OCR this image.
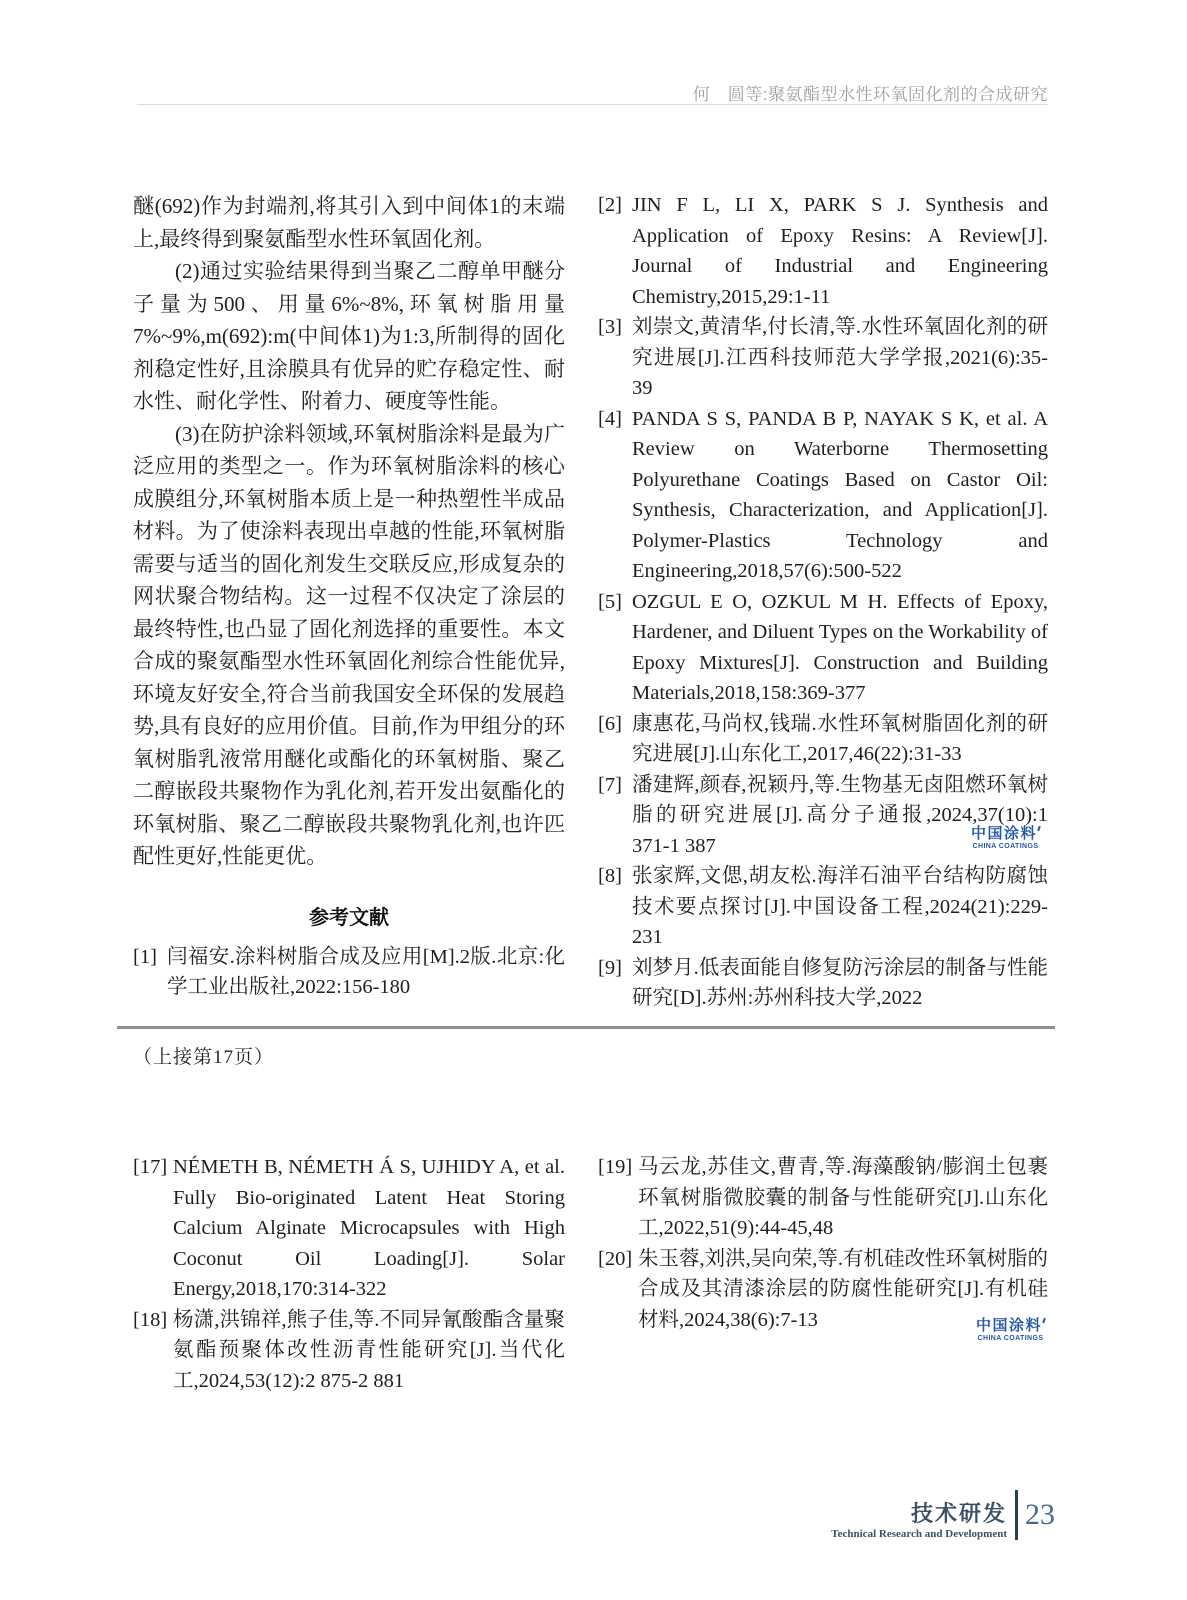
何　圆等:聚氨酯型水性环氧固化剂的合成研究

醚(692)作为封端剂,将其引入到中间体1的末端上,最终得到聚氨酯型水性环氧固化剂。

(2)通过实验结果得到当聚乙二醇单甲醚分子量为500、用量6%~8%,环氧树脂用量7%~9%,m(692):m(中间体1)为1:3,所制得的固化剂稳定性好,且涂膜具有优异的贮存稳定性、耐水性、耐化学性、附着力、硬度等性能。

(3)在防护涂料领域,环氧树脂涂料是最为广泛应用的类型之一。作为环氧树脂涂料的核心成膜组分,环氧树脂本质上是一种热塑性半成品材料。为了使涂料表现出卓越的性能,环氧树脂需要与适当的固化剂发生交联反应,形成复杂的网状聚合物结构。这一过程不仅决定了涂层的最终特性,也凸显了固化剂选择的重要性。本文合成的聚氨酯型水性环氧固化剂综合性能优异,环境友好安全,符合当前我国安全环保的发展趋势,具有良好的应用价值。目前,作为甲组分的环氧树脂乳液常用醚化或酯化的环氧树脂、聚乙二醇嵌段共聚物作为乳化剂,若开发出氨酯化的环氧树脂、聚乙二醇嵌段共聚物乳化剂,也许匹配性更好,性能更优。

参考文献
[1] 闫福安.涂料树脂合成及应用[M].2版.北京:化学工业出版社,2022:156-180
[2] JIN F L, LI X, PARK S J. Synthesis and Application of Epoxy Resins: A Review[J]. Journal of Industrial and Engineering Chemistry,2015,29:1-11
[3] 刘崇文,黄清华,付长清,等.水性环氧固化剂的研究进展[J].江西科技师范大学学报,2021(6):35-39
[4] PANDA S S, PANDA B P, NAYAK S K, et al. A Review on Waterborne Thermosetting Polyurethane Coatings Based on Castor Oil: Synthesis, Characterization, and Application[J]. Polymer-Plastics Technology and Engineering,2018,57(6):500-522
[5] OZGUL E O, OZKUL M H. Effects of Epoxy, Hardener, and Diluent Types on the Workability of Epoxy Mixtures[J]. Construction and Building Materials,2018,158:369-377
[6] 康惠花,马尚权,钱瑞.水性环氧树脂固化剂的研究进展[J].山东化工,2017,46(22):31-33
[7] 潘建辉,颜春,祝颖丹,等.生物基无卤阻燃环氧树脂的研究进展[J].高分子通报,2024,37(10):1 371-1 387
[8] 张家辉,文偲,胡友松.海洋石油平台结构防腐蚀技术要点探讨[J].中国设备工程,2024(21):229-231
[9] 刘梦月.低表面能自修复防污涂层的制备与性能研究[D].苏州:苏州科技大学,2022
中国涂料
CHINA COATINGS
（上接第17页）
[17] NÉMETH B, NÉMETH Á S, UJHIDY A, et al. Fully Bio-originated Latent Heat Storing Calcium Alginate Microcapsules with High Coconut Oil Loading[J]. Solar Energy,2018,170:314-322
[18] 杨潇,洪锦祥,熊子佳,等.不同异氰酸酯含量聚氨酯预聚体改性沥青性能研究[J].当代化工,2024,53(12):2 875-2 881
[19] 马云龙,苏佳文,曹青,等.海藻酸钠/膨润土包裹环氧树脂微胶囊的制备与性能研究[J].山东化工,2022,51(9):44-45,48
[20] 朱玉蓉,刘洪,吴向荣,等.有机硅改性环氧树脂的合成及其清漆涂层的防腐性能研究[J].有机硅材料,2024,38(6):7-13	中国涂料
CHINA COATINGS
技术研发
Technical Research and Development
23
